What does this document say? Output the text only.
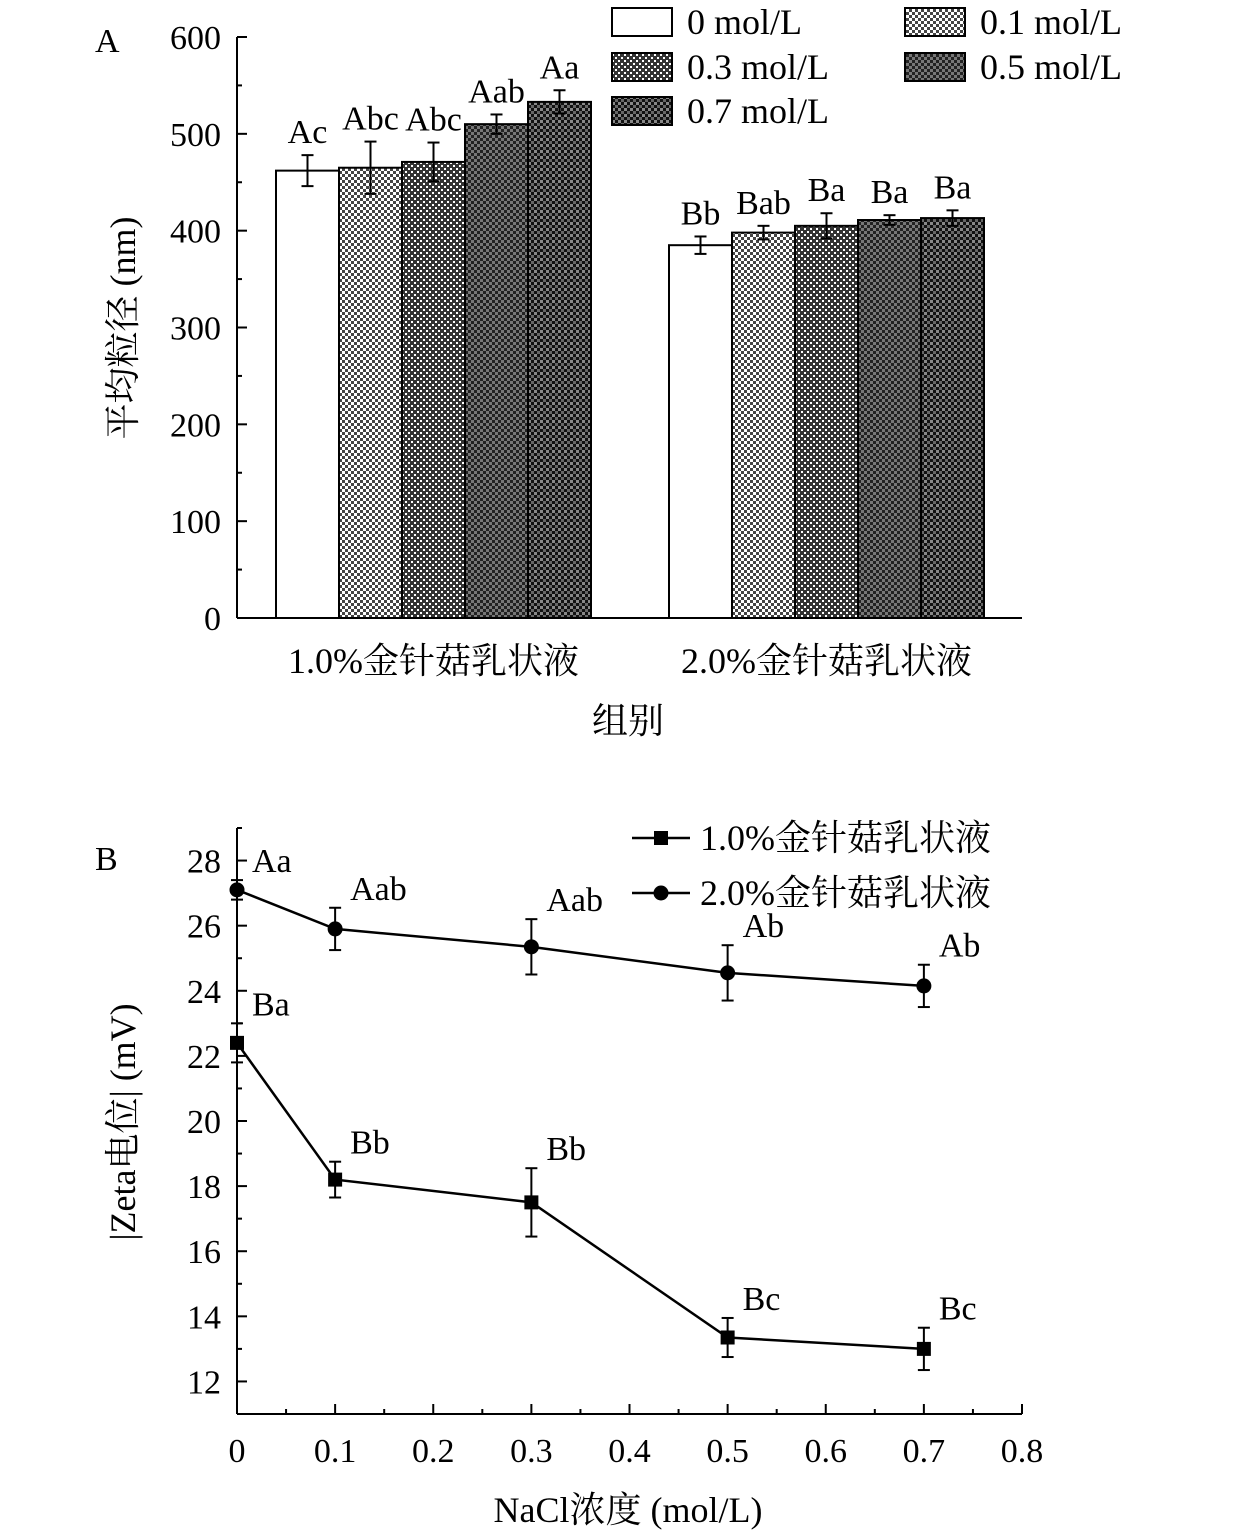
A
0
100
200
300
400
500
600
1.0%金针菇乳状液	2.0%金针菇乳状液
Ac Abc Abc
Aab
Aa
Bb Bab Ba Ba Ba
0 mol/L	0.1 mol/L
0.3 mol/L	0.5 mol/L
0.7 mol/L
平均粒径 (nm)
组别
B
12
14
16
18
20
22
24
26
28
0 0.1 0.2 0.3 0.4 0.5 0.6 0.7 0.8
Ba
Bb	Bb
Bc	Bc
Aa
Aab	Aab
Ab
Ab
1.0%金针菇乳状液
2.0%金针菇乳状液
|Zeta电位| (mV)
NaCl浓度 (mol/L)
